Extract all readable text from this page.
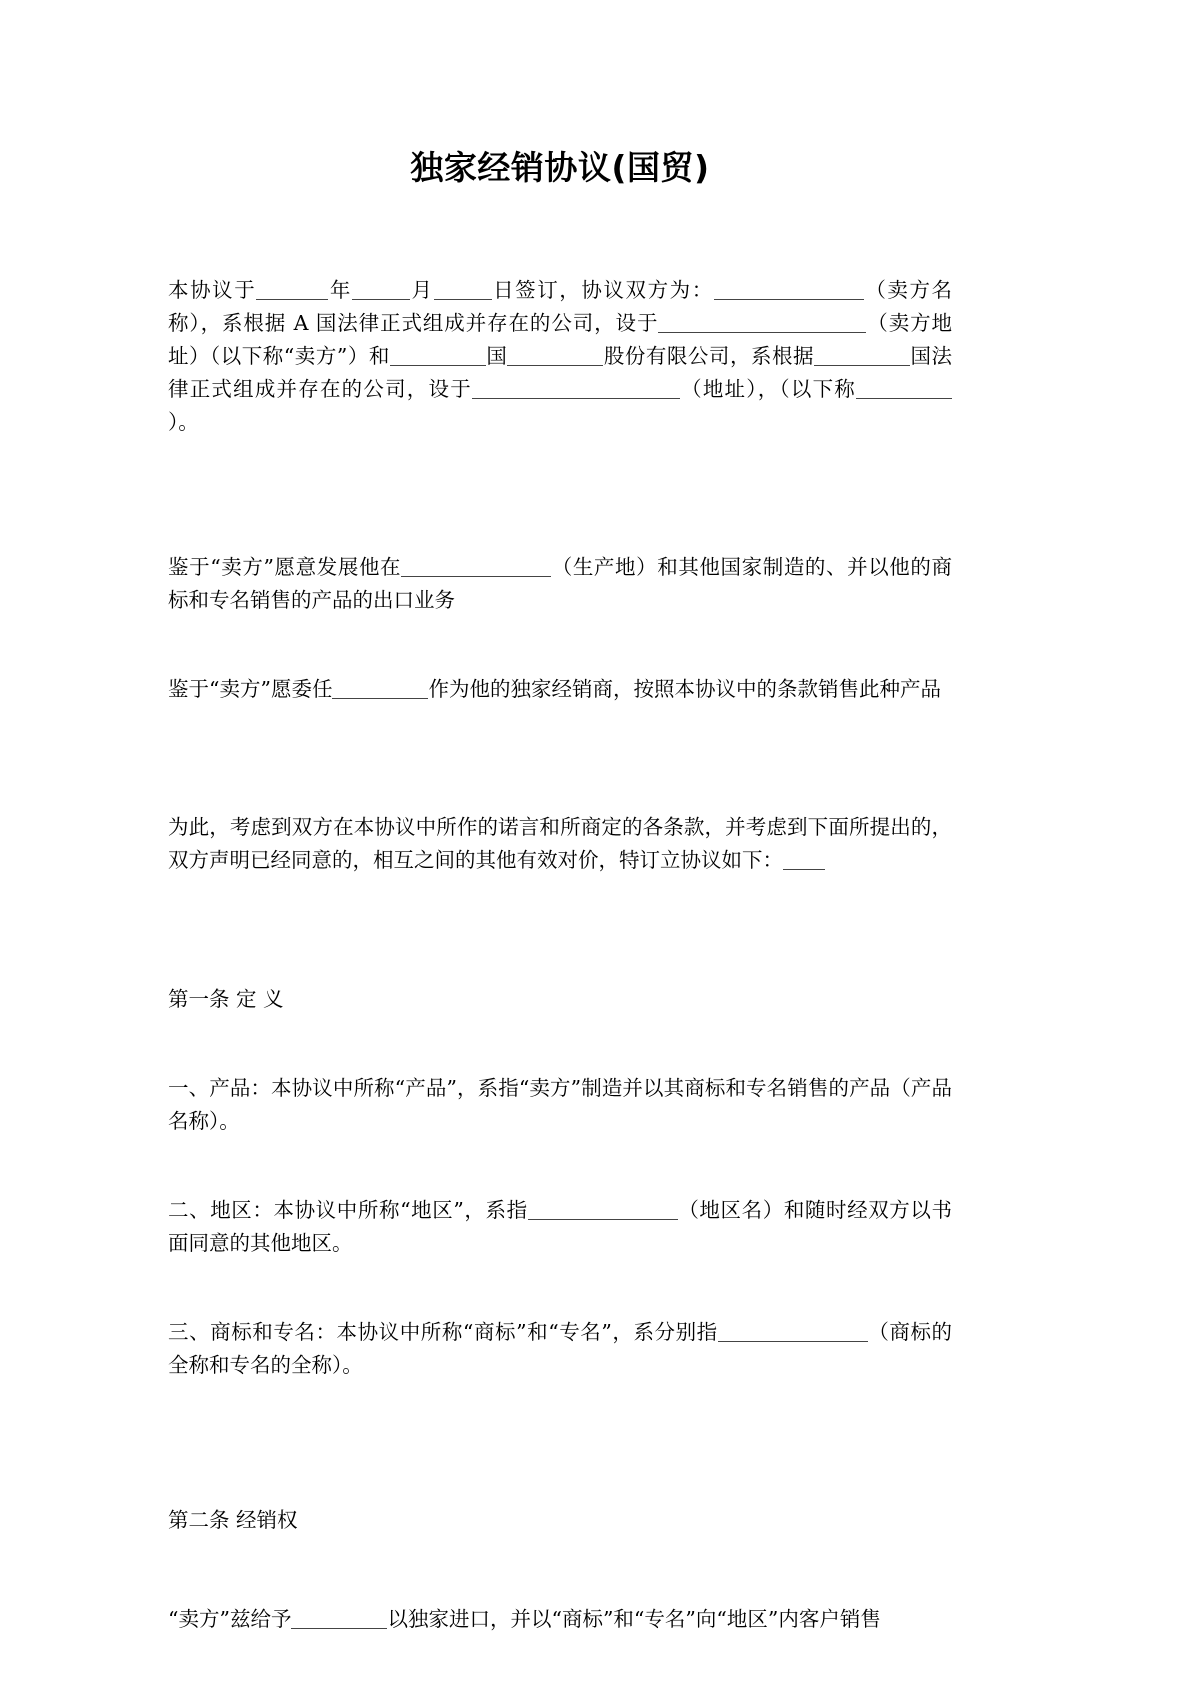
独家经销协议(国贸)

本协议于	年	月	日签订，协议双方为：	（卖方名称），系根据 A 国法律正式组成并存在的公司，设于	（卖方地址）（以下称“卖方”）和	国	股份有限公司，系根据	国法律正式组成并存在的公司，设于	（地址），（以下称）。

鉴于“卖方”愿意发展他在	（生产地）和其他国家制造的、并以他的商标和专名销售的产品的出口业务

鉴于“卖方”愿委任	作为他的独家经销商，按照本协议中的条款销售此种产品

为此，考虑到双方在本协议中所作的诺言和所商定的各条款，并考虑到下面所提出的，双方声明已经同意的，相互之间的其他有效对价，特订立协议如下：

第一条 定 义

一、产品：本协议中所称“产品”，系指“卖方”制造并以其商标和专名销售的产品（产品名称）。

二、地区：本协议中所称“地区”，系指	（地区名）和随时经双方以书面同意的其他地区。

三、商标和专名：本协议中所称“商标”和“专名”，系分别指	（商标的全称和专名的全称）。

第二条 经销权

“卖方”兹给予	以独家进口，并以“商标”和“专名”向“地区”内客户销售
